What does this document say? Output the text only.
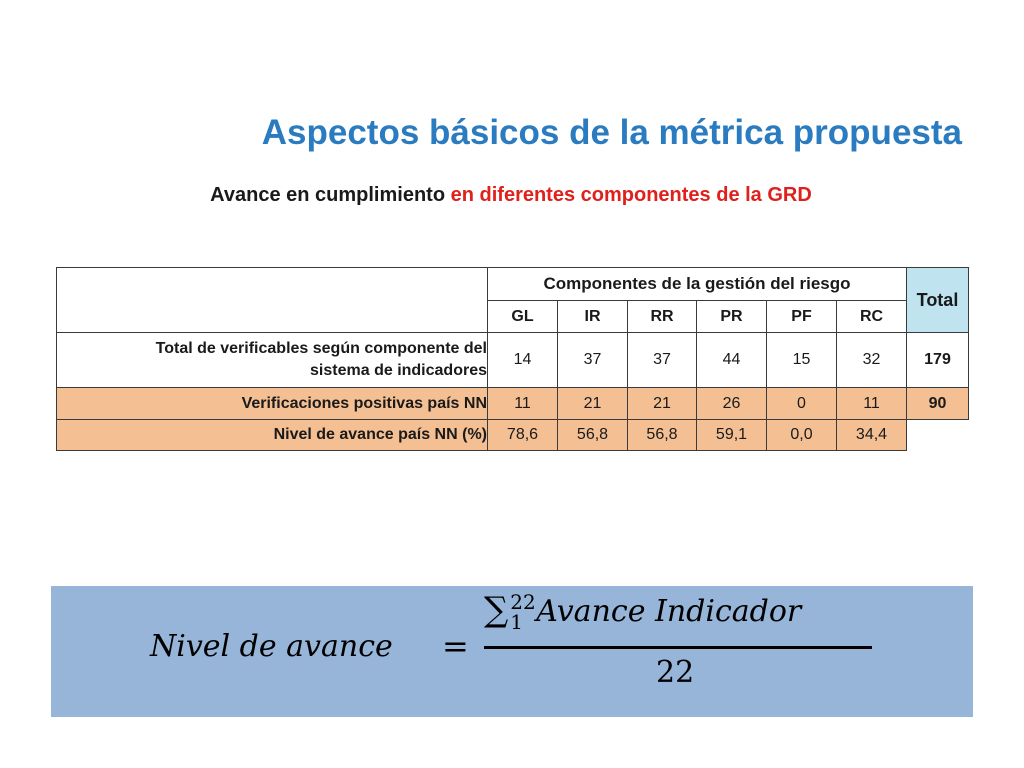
Aspectos básicos de la métrica propuesta

Avance en cumplimiento en diferentes componentes de la GRD

	Componentes de la gestión del riesgo						Total
	GL	IR	RR	PR	PF	RC	
Total de verificables según componente del
sistema de indicadores	14	37	37	44	15	32	179
Verificaciones positivas país NN	11	21	21	26	0	11	90
Nivel de avance país NN (%)	78,6	56,8	56,8	59,1	0,0	34,4	
Nivel de avance =
∑ 22
1 Avance Indicador
22
